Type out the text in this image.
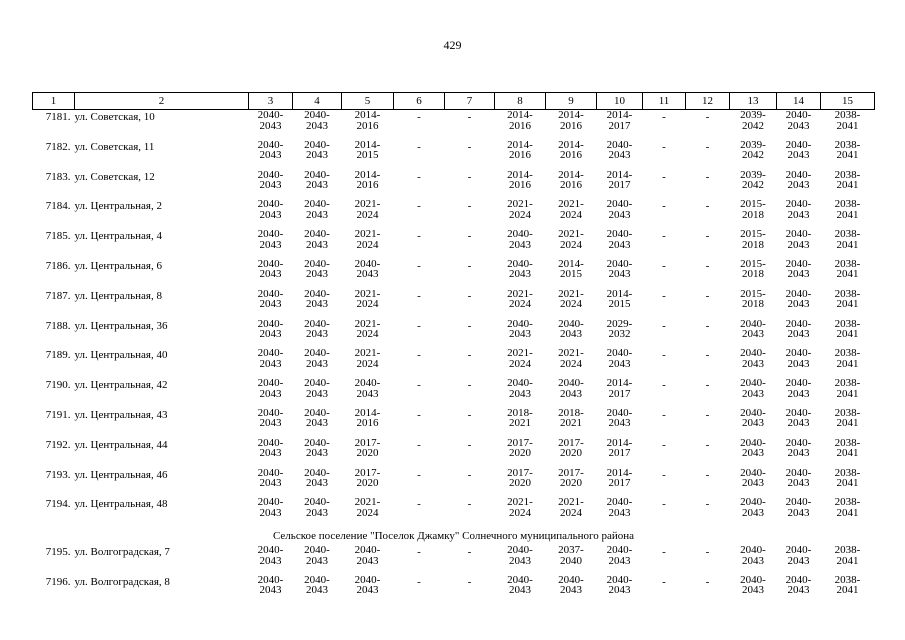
429
1	2	3	4	5	6	7	8	9	10	11	12	13	14	15
7181.	ул. Советская, 10	2040-
2043	2040-
2043	2014-
2016	-	-	2014-
2016	2014-
2016	2014-
2017	-	-	2039-
2042	2040-
2043	2038-
2041

7182.	ул. Советская, 11	2040-
2043	2040-
2043	2014-
2015	-	-	2014-
2016	2014-
2016	2040-
2043	-	-	2039-
2042	2040-
2043	2038-
2041

7183.	ул. Советская, 12	2040-
2043	2040-
2043	2014-
2016	-	-	2014-
2016	2014-
2016	2014-
2017	-	-	2039-
2042	2040-
2043	2038-
2041

7184.	ул. Центральная, 2	2040-
2043	2040-
2043	2021-
2024	-	-	2021-
2024	2021-
2024	2040-
2043	-	-	2015-
2018	2040-
2043	2038-
2041

7185.	ул. Центральная, 4	2040-
2043	2040-
2043	2021-
2024	-	-	2040-
2043	2021-
2024	2040-
2043	-	-	2015-
2018	2040-
2043	2038-
2041

7186.	ул. Центральная, 6	2040-
2043	2040-
2043	2040-
2043	-	-	2040-
2043	2014-
2015	2040-
2043	-	-	2015-
2018	2040-
2043	2038-
2041

7187.	ул. Центральная, 8	2040-
2043	2040-
2043	2021-
2024	-	-	2021-
2024	2021-
2024	2014-
2015	-	-	2015-
2018	2040-
2043	2038-
2041

7188.	ул. Центральная, 36	2040-
2043	2040-
2043	2021-
2024	-	-	2040-
2043	2040-
2043	2029-
2032	-	-	2040-
2043	2040-
2043	2038-
2041

7189.	ул. Центральная, 40	2040-
2043	2040-
2043	2021-
2024	-	-	2021-
2024	2021-
2024	2040-
2043	-	-	2040-
2043	2040-
2043	2038-
2041

7190.	ул. Центральная, 42	2040-
2043	2040-
2043	2040-
2043	-	-	2040-
2043	2040-
2043	2014-
2017	-	-	2040-
2043	2040-
2043	2038-
2041

7191.	ул. Центральная, 43	2040-
2043	2040-
2043	2014-
2016	-	-	2018-
2021	2018-
2021	2040-
2043	-	-	2040-
2043	2040-
2043	2038-
2041

7192.	ул. Центральная, 44	2040-
2043	2040-
2043	2017-
2020	-	-	2017-
2020	2017-
2020	2014-
2017	-	-	2040-
2043	2040-
2043	2038-
2041

7193.	ул. Центральная, 46	2040-
2043	2040-
2043	2017-
2020	-	-	2017-
2020	2017-
2020	2014-
2017	-	-	2040-
2043	2040-
2043	2038-
2041

7194.	ул. Центральная, 48	2040-
2043	2040-
2043	2021-
2024	-	-	2021-
2024	2021-
2024	2040-
2043	-	-	2040-
2043	2040-
2043	2038-
2041

Сельское поселение "Поселок Джамку" Солнечного муниципального района														
7195.	ул. Волгоградская, 7	2040-
2043	2040-
2043	2040-
2043	-	-	2040-
2043	2037-
2040	2040-
2043	-	-	2040-
2043	2040-
2043	2038-
2041

7196.	ул. Волгоградская, 8	2040-
2043	2040-
2043	2040-
2043	-	-	2040-
2043	2040-
2043	2040-
2043	-	-	2040-
2043	2040-
2043	2038-
2041
